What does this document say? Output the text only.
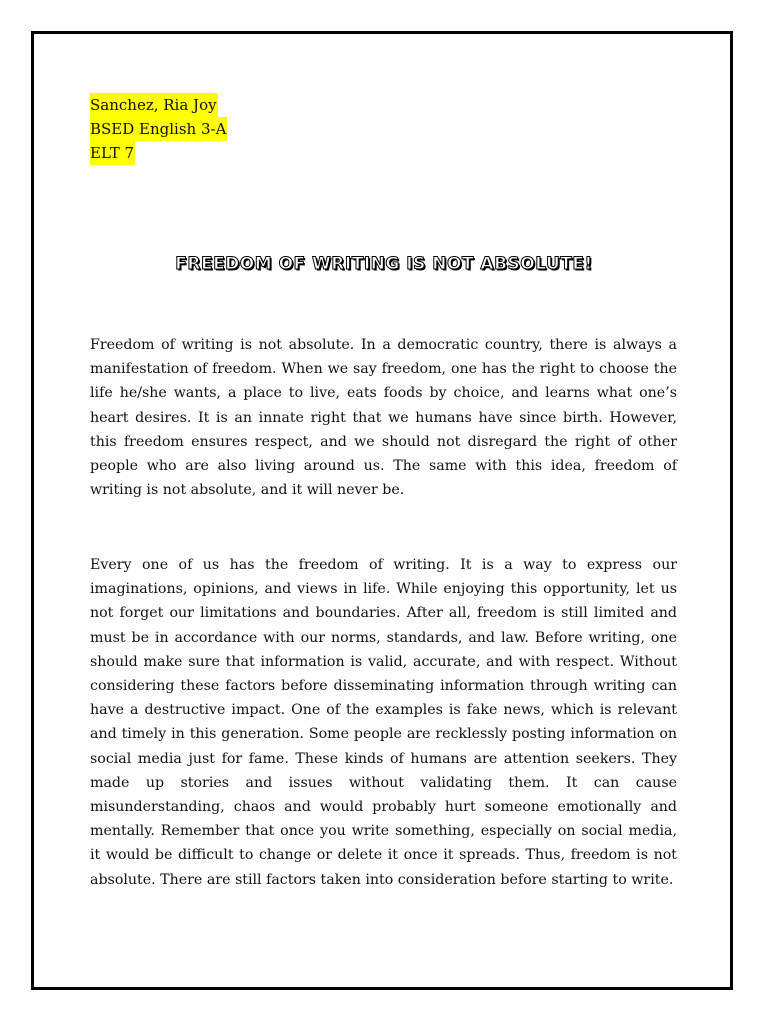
Sanchez, Ria Joy
BSED English 3-A
ELT 7
FREEDOM OF WRITING IS NOT ABSOLUTE!

Freedom of writing is not absolute. In a democratic country, there is always a manifestation of freedom. When we say freedom, one has the right to choose the life he/she wants, a place to live, eats foods by choice, and learns what one’s heart desires. It is an innate right that we humans have since birth. However, this freedom ensures respect, and we should not disregard the right of other people who are also living around us. The same with this idea, freedom of writing is not absolute, and it will never be.

Every one of us has the freedom of writing. It is a way to express our imaginations, opinions, and views in life. While enjoying this opportunity, let us not forget our limitations and boundaries. After all, freedom is still limited and must be in accordance with our norms, standards, and law. Before writing, one should make sure that information is valid, accurate, and with respect. Without considering these factors before disseminating information through writing can have a destructive impact. One of the examples is fake news, which is relevant and timely in this generation. Some people are recklessly posting information on social media just for fame. These kinds of humans are attention seekers. They made up stories and issues without validating them. It can cause misunderstanding, chaos and would probably hurt someone emotionally and mentally. Remember that once you write something, especially on social media, it would be difficult to change or delete it once it spreads. Thus, freedom is not absolute. There are still factors taken into consideration before starting to write.
